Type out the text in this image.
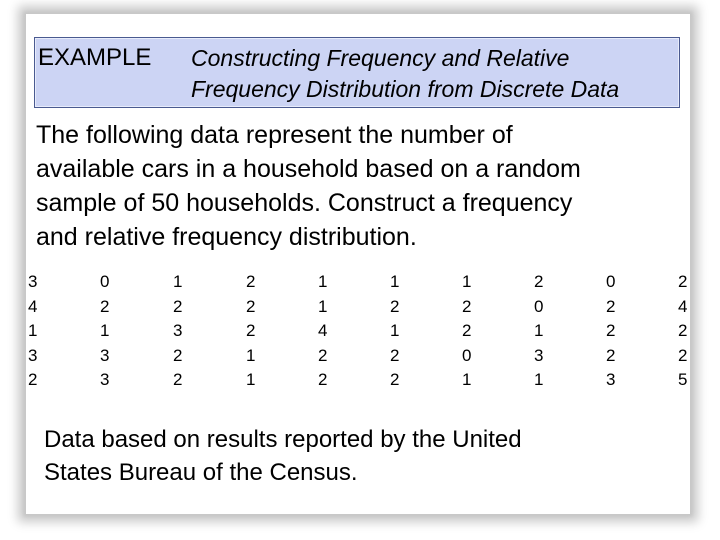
EXAMPLE Constructing Frequency and Relative
Frequency Distribution from Discrete Data
The following data represent the number of
available cars in a household based on a random
sample of 50 households. Construct a frequency
and relative frequency distribution.
3
4
1
3
2
0
2
1
3
3
1
2
3
2
2
2
2
2
1
1
1
1
4
2
2
1
2
1
2
2
1
2
2
0
1
2
0
1
3
1
0
2
2
2
3
2
4
2
2
5
Data based on results reported by the United
States Bureau of the Census.
